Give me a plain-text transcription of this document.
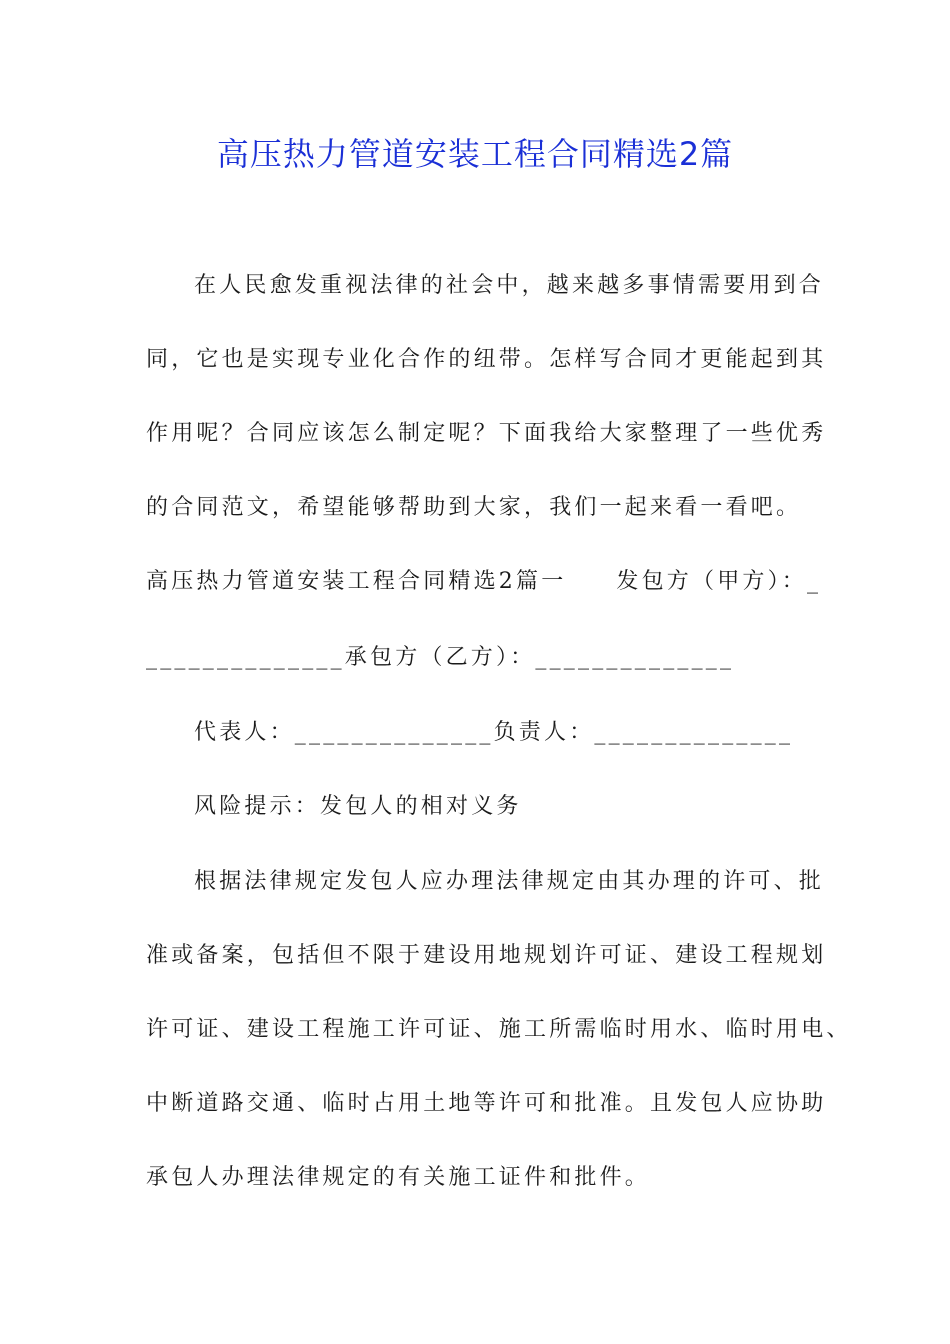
高压热力管道安装工程合同精选2篇
在人民愈发重视法律的社会中，越来越多事情需要用到合
同，它也是实现专业化合作的纽带。怎样写合同才更能起到其
作用呢？合同应该怎么制定呢？下面我给大家整理了一些优秀
的合同范文，希望能够帮助到大家，我们一起来看一看吧。
高压热力管道安装工程合同精选2篇一 发包方（甲方）：_
______________承包方（乙方）：______________
代表人：______________负责人：______________
风险提示：发包人的相对义务
根据法律规定发包人应办理法律规定由其办理的许可、批
准或备案，包括但不限于建设用地规划许可证、建设工程规划
许可证、建设工程施工许可证、施工所需临时用水、临时用电、
中断道路交通、临时占用土地等许可和批准。且发包人应协助
承包人办理法律规定的有关施工证件和批件。
